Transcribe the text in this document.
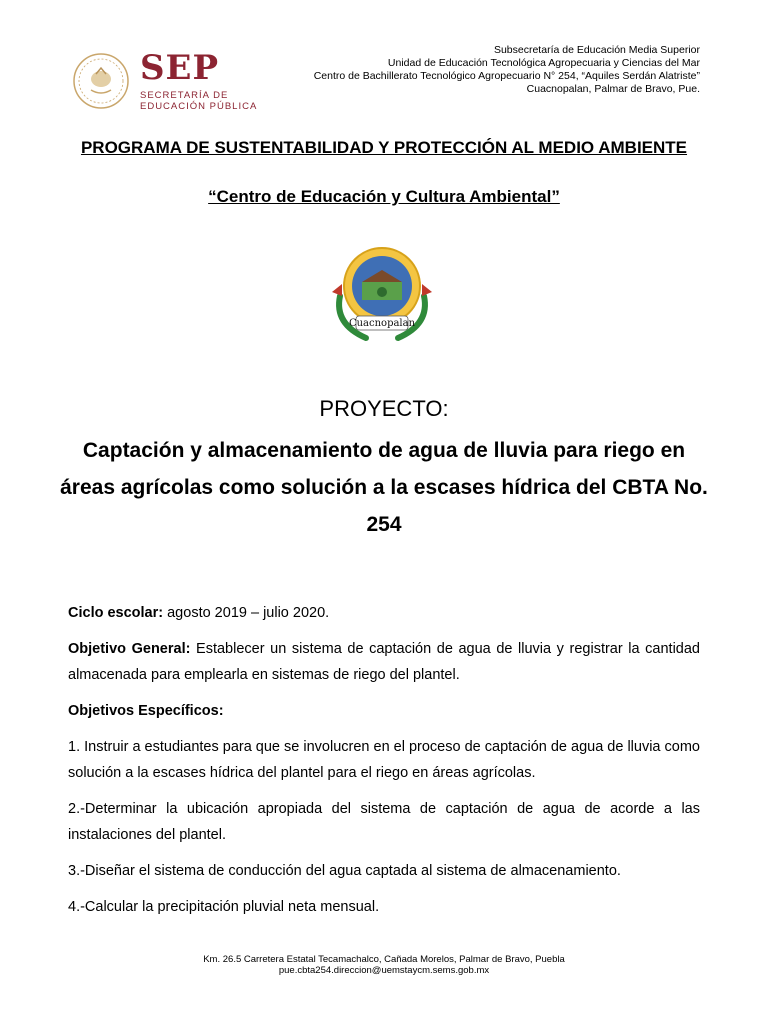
SEP
SECRETARÍA DE
EDUCACIÓN PÚBLICA
Subsecretaría de Educación Media Superior
Unidad de Educación Tecnológica Agropecuaria y Ciencias del Mar
Centro de Bachillerato Tecnológico Agropecuario N° 254, “Aquiles Serdán Alatriste”
Cuacnopalan, Palmar de Bravo, Pue.
PROGRAMA DE SUSTENTABILIDAD Y PROTECCIÓN AL MEDIO AMBIENTE
“Centro de Educación y Cultura Ambiental”
Cuacnopalan
PROYECTO:
Captación y almacenamiento de agua de lluvia para riego en áreas agrícolas como solución a la escases hídrica del CBTA No. 254

Ciclo escolar: agosto 2019 – julio 2020.

Objetivo General: Establecer un sistema de captación de agua de lluvia y registrar la cantidad almacenada para emplearla en sistemas de riego del plantel.

Objetivos Específicos:

1. Instruir a estudiantes para que se involucren en el proceso de captación de agua de lluvia como solución a la escases hídrica del plantel para el riego en áreas agrícolas.

2.-Determinar la ubicación apropiada del sistema de captación de agua de acorde a las instalaciones del plantel.

3.-Diseñar el sistema de conducción del agua captada al sistema de almacenamiento.

4.-Calcular la precipitación pluvial neta mensual.

Km. 26.5 Carretera Estatal Tecamachalco, Cañada Morelos, Palmar de Bravo, Puebla
pue.cbta254.direccion@uemstaycm.sems.gob.mx
